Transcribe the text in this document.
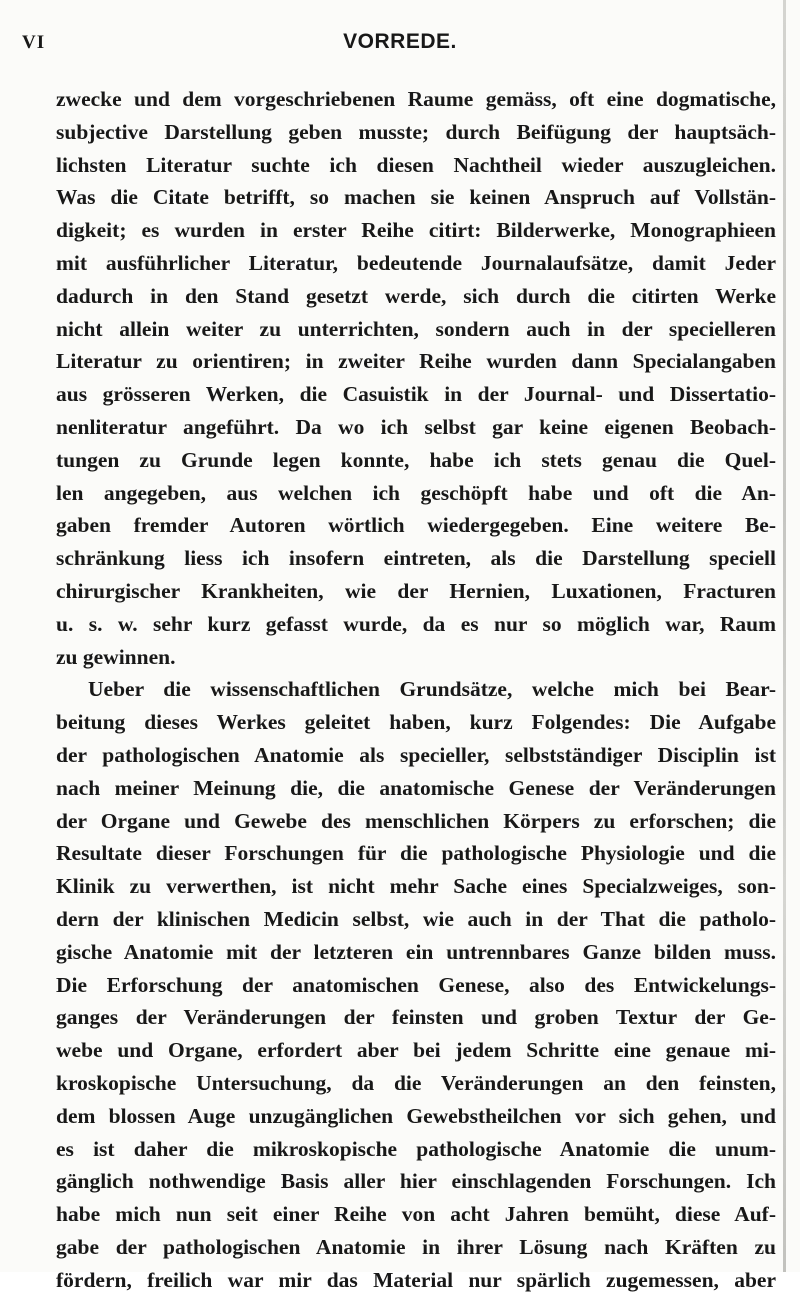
VI	VORREDE.
zwecke und dem vorgeschriebenen Raume gemäss, oft eine dogmatische,
subjective Darstellung geben musste; durch Beifügung der hauptsäch-
lichsten Literatur suchte ich diesen Nachtheil wieder auszugleichen.
Was die Citate betrifft, so machen sie keinen Anspruch auf Vollstän-
digkeit; es wurden in erster Reihe citirt: Bilderwerke, Monographieen
mit ausführlicher Literatur, bedeutende Journalaufsätze, damit Jeder
dadurch in den Stand gesetzt werde, sich durch die citirten Werke
nicht allein weiter zu unterrichten, sondern auch in der specielleren
Literatur zu orientiren; in zweiter Reihe wurden dann Specialangaben
aus grösseren Werken, die Casuistik in der Journal- und Dissertatio-
nenliteratur angeführt. Da wo ich selbst gar keine eigenen Beobach-
tungen zu Grunde legen konnte, habe ich stets genau die Quel-
len angegeben, aus welchen ich geschöpft habe und oft die An-
gaben fremder Autoren wörtlich wiedergegeben. Eine weitere Be-
schränkung liess ich insofern eintreten, als die Darstellung speciell
chirurgischer Krankheiten, wie der Hernien, Luxationen, Fracturen
u. s. w. sehr kurz gefasst wurde, da es nur so möglich war, Raum
zu gewinnen.
Ueber die wissenschaftlichen Grundsätze, welche mich bei Bear-
beitung dieses Werkes geleitet haben, kurz Folgendes: Die Aufgabe
der pathologischen Anatomie als specieller, selbstständiger Disciplin ist
nach meiner Meinung die, die anatomische Genese der Veränderungen
der Organe und Gewebe des menschlichen Körpers zu erforschen; die
Resultate dieser Forschungen für die pathologische Physiologie und die
Klinik zu verwerthen, ist nicht mehr Sache eines Specialzweiges, son-
dern der klinischen Medicin selbst, wie auch in der That die patholo-
gische Anatomie mit der letzteren ein untrennbares Ganze bilden muss.
Die Erforschung der anatomischen Genese, also des Entwickelungs-
ganges der Veränderungen der feinsten und groben Textur der Ge-
webe und Organe, erfordert aber bei jedem Schritte eine genaue mi-
kroskopische Untersuchung, da die Veränderungen an den feinsten,
dem blossen Auge unzugänglichen Gewebstheilchen vor sich gehen, und
es ist daher die mikroskopische pathologische Anatomie die unum-
gänglich nothwendige Basis aller hier einschlagenden Forschungen. Ich
habe mich nun seit einer Reihe von acht Jahren bemüht, diese Auf-
gabe der pathologischen Anatomie in ihrer Lösung nach Kräften zu
fördern, freilich war mir das Material nur spärlich zugemessen, aber
